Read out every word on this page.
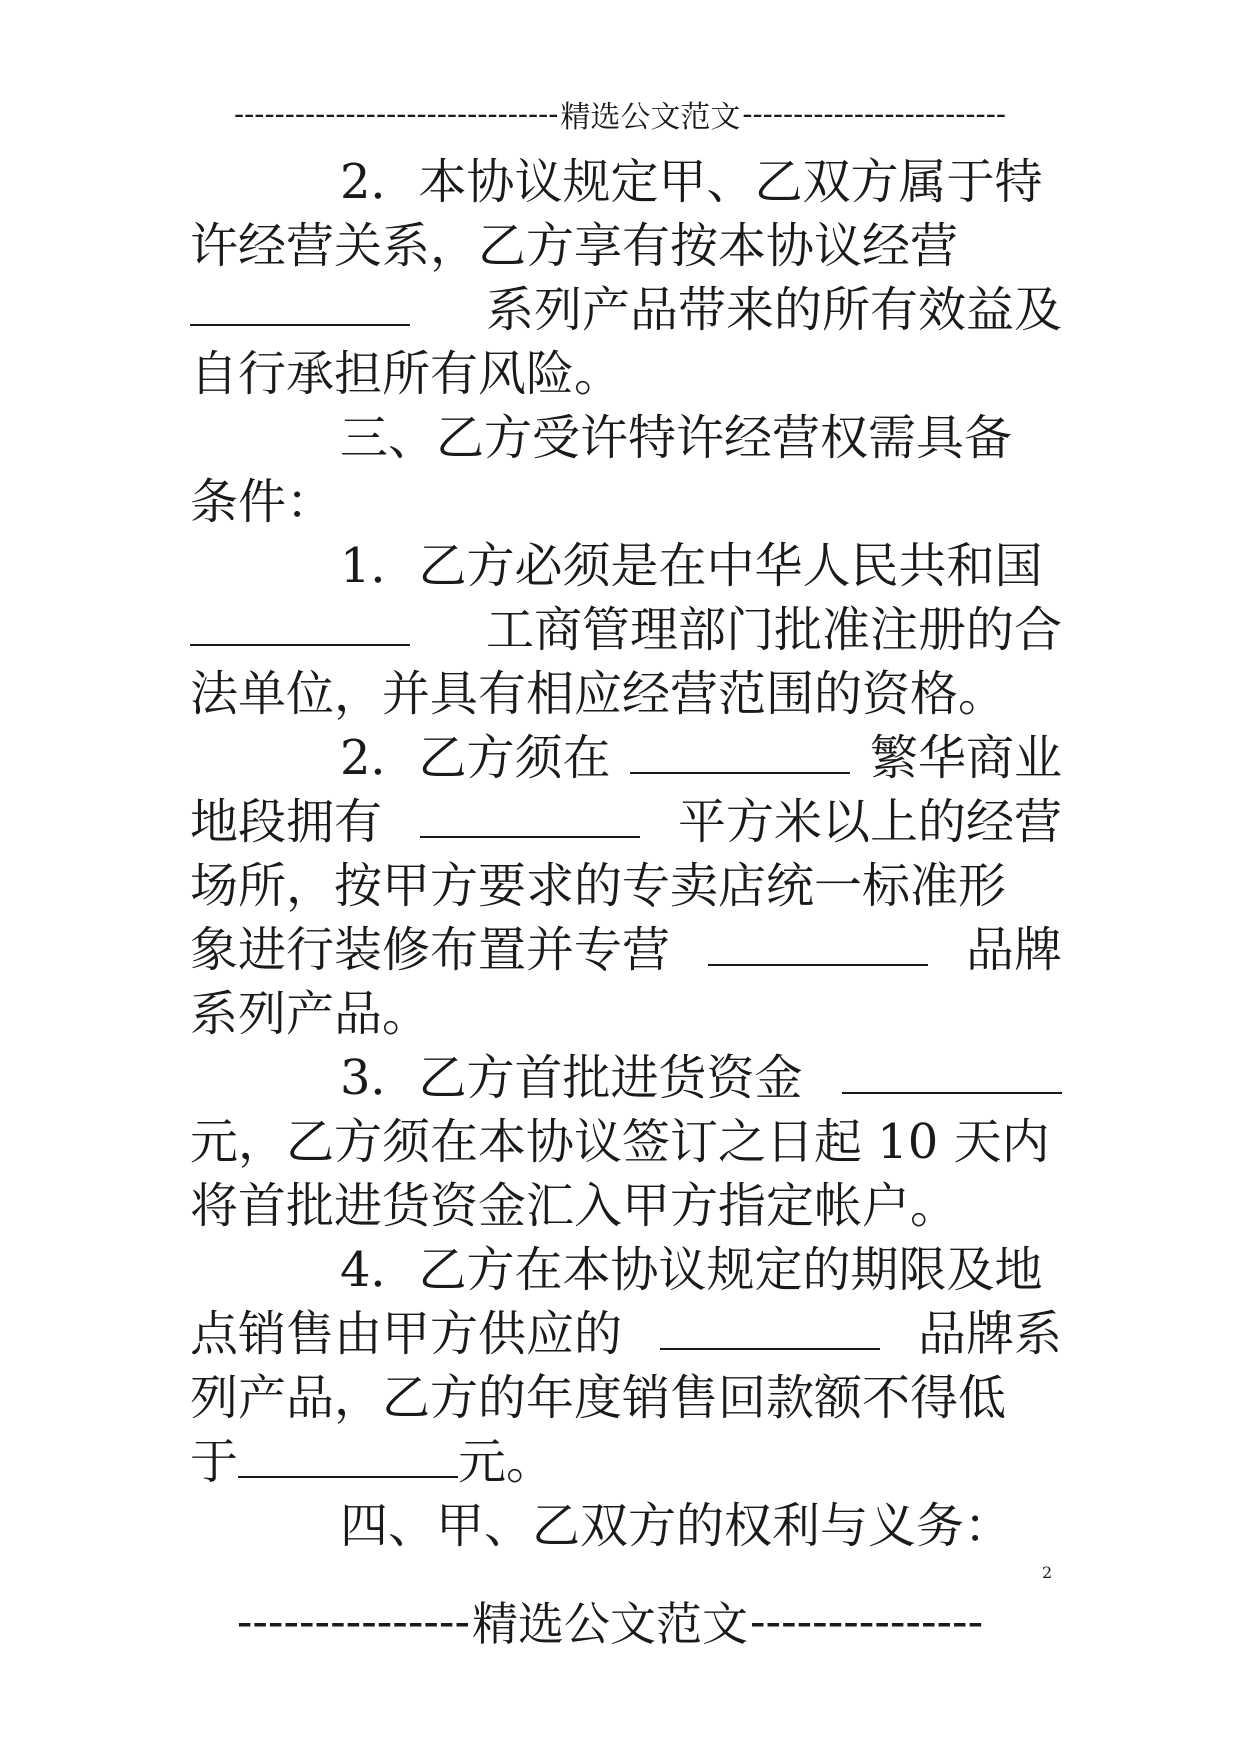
-------------------------------- 精选公文范文 --------------------------
2．本协议规定甲、乙双方属于特
许经营关系，乙方享有按本协议经营
系列产品带来的所有效益及
自行承担所有风险。
三、乙方受许特许经营权需具备
条件：
1．乙方必须是在中华人民共和国
工商管理部门批准注册的合
法单位，并具有相应经营范围的资格。
2．乙方须在	繁华商业
地段拥有	平方米以上的经营
场所，按甲方要求的专卖店统一标准形
象进行装修布置并专营	品牌
系列产品。
3．乙方首批进货资金
元，乙方须在本协议签订之日起 10 天内
将首批进货资金汇入甲方指定帐户。
4．乙方在本协议规定的期限及地
点销售由甲方供应的	品牌系
列产品，乙方的年度销售回款额不得低
于	元。
四、甲、乙双方的权利与义务：
2
--------------- 精选公文范文 ---------------
